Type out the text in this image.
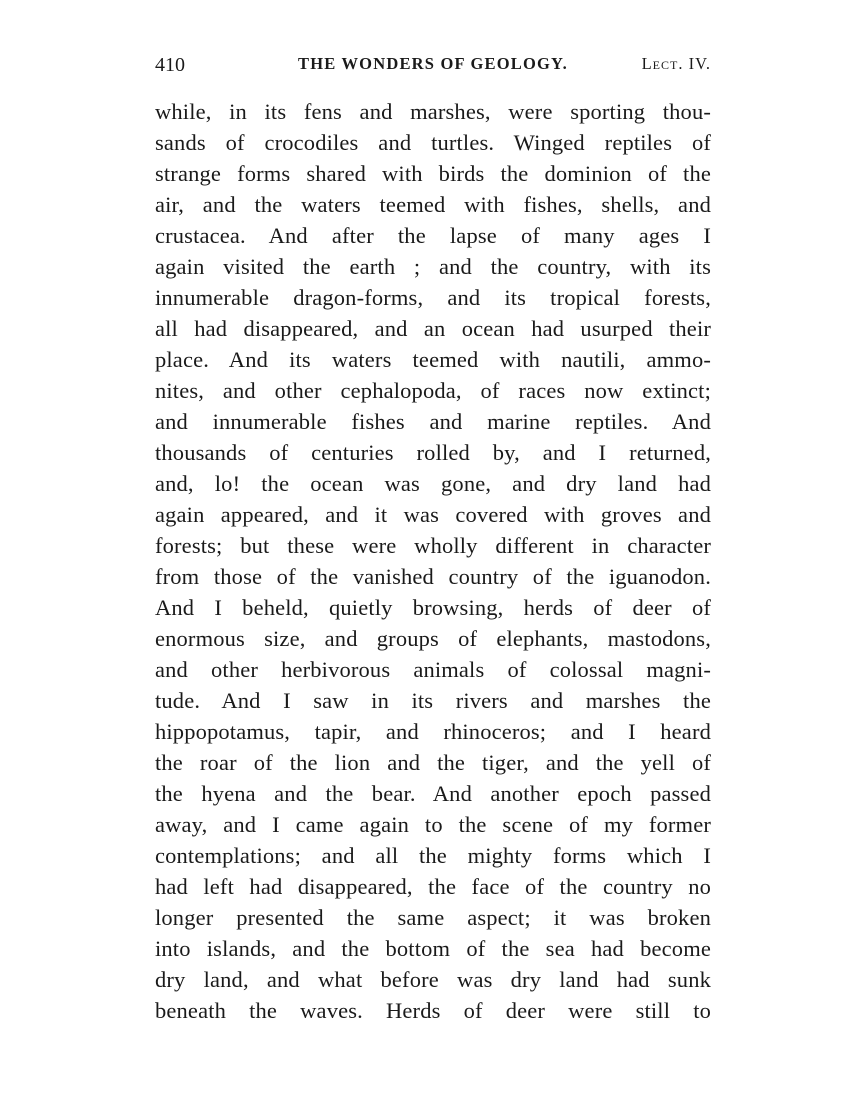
410	THE WONDERS OF GEOLOGY.	Lect. IV.
while, in its fens and marshes, were sporting thou-
sands of crocodiles and turtles. Winged reptiles of
strange forms shared with birds the dominion of the
air, and the waters teemed with fishes, shells, and
crustacea. And after the lapse of many ages I
again visited the earth ; and the country, with its
innumerable dragon-forms, and its tropical forests,
all had disappeared, and an ocean had usurped their
place. And its waters teemed with nautili, ammo-
nites, and other cephalopoda, of races now extinct;
and innumerable fishes and marine reptiles. And
thousands of centuries rolled by, and I returned,
and, lo! the ocean was gone, and dry land had
again appeared, and it was covered with groves and
forests; but these were wholly different in character
from those of the vanished country of the iguanodon.
And I beheld, quietly browsing, herds of deer of
enormous size, and groups of elephants, mastodons,
and other herbivorous animals of colossal magni-
tude. And I saw in its rivers and marshes the
hippopotamus, tapir, and rhinoceros; and I heard
the roar of the lion and the tiger, and the yell of
the hyena and the bear. And another epoch passed
away, and I came again to the scene of my former
contemplations; and all the mighty forms which I
had left had disappeared, the face of the country no
longer presented the same aspect; it was broken
into islands, and the bottom of the sea had become
dry land, and what before was dry land had sunk
beneath the waves. Herds of deer were still to
